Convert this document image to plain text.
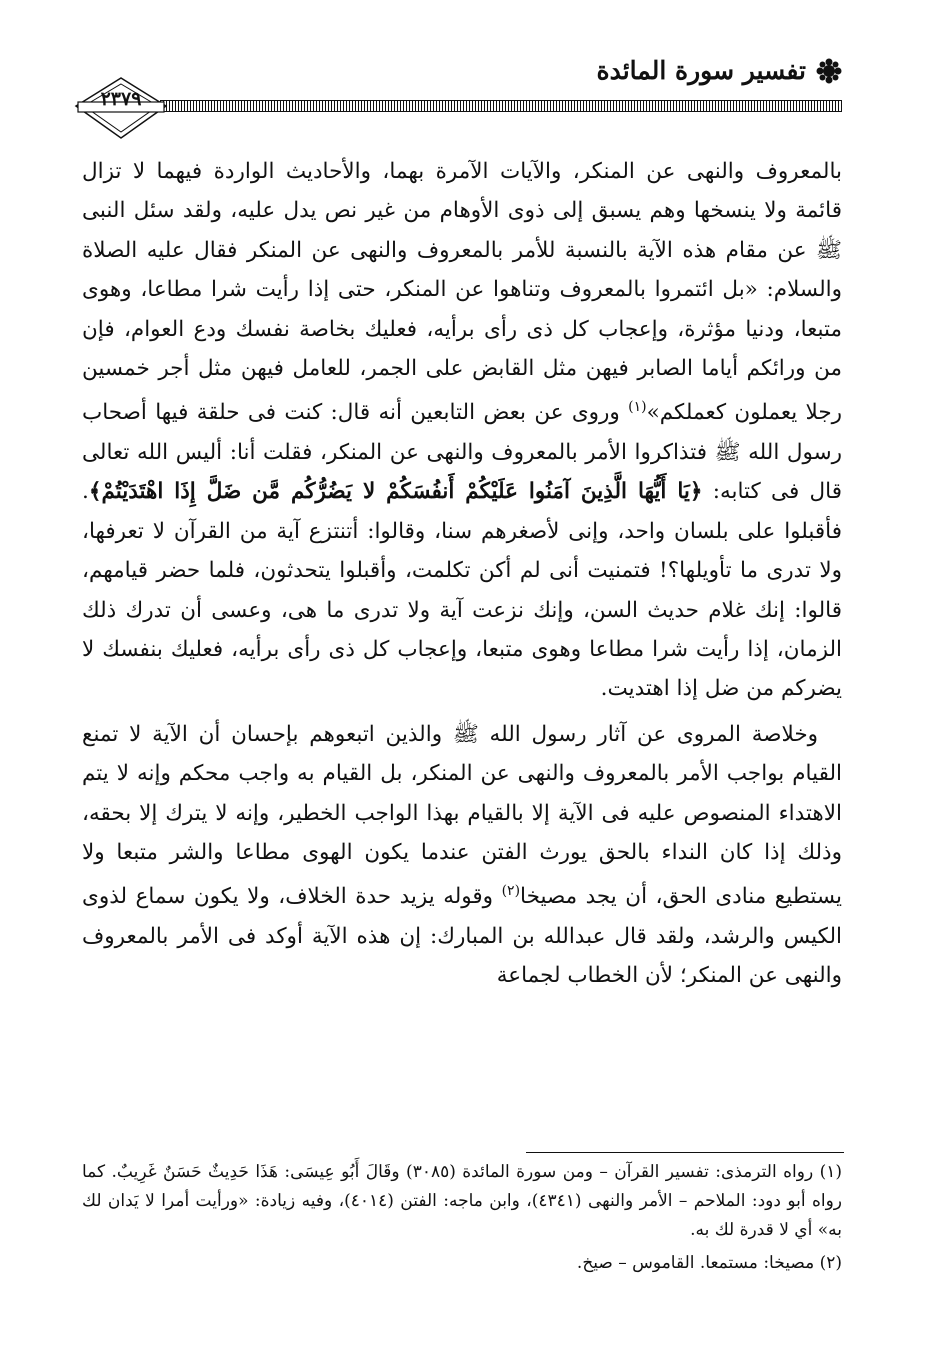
تفسير سورة المائدة
٢٣٧٩

بالمعروف والنهى عن المنكر، والآيات الآمرة بهما، والأحاديث الواردة فيهما لا تزال قائمة ولا ينسخها وهم يسبق إلى ذوى الأوهام من غير نص يدل عليه، ولقد سئل النبى ﷺ عن مقام هذه الآية بالنسبة للأمر بالمعروف والنهى عن المنكر فقال عليه الصلاة والسلام: «بل ائتمروا بالمعروف وتناهوا عن المنكر، حتى إذا رأيت شرا مطاعا، وهوى متبعا، ودنيا مؤثرة، وإعجاب كل ذى رأى برأيه، فعليك بخاصة نفسك ودع العوام، فإن من ورائكم أياما الصابر فيهن مثل القابض على الجمر، للعامل فيهن مثل أجر خمسين رجلا يعملون كعملكم»$^{(١)}$ وروى عن بعض التابعين أنه قال: كنت فى حلقة فيها أصحاب رسول الله ﷺ فتذاكروا الأمر بالمعروف والنهى عن المنكر، فقلت أنا: أليس الله تعالى قال فى كتابه: ﴿يَا أَيُّهَا الَّذِينَ آمَنُوا عَلَيْكُمْ أَنفُسَكُمْ لا يَضُرُّكُم مَّن ضَلَّ إِذَا اهْتَدَيْتُمْ﴾. فأقبلوا على بلسان واحد، وإنى لأصغرهم سنا، وقالوا: أتنتزع آية من القرآن لا تعرفها، ولا تدرى ما تأويلها؟! فتمنيت أنى لم أكن تكلمت، وأقبلوا يتحدثون، فلما حضر قيامهم، قالوا: إنك غلام حديث السن، وإنك نزعت آية ولا تدرى ما هى، وعسى أن تدرك ذلك الزمان، إذا رأيت شرا مطاعا وهوى متبعا، وإعجاب كل ذى رأى برأيه، فعليك بنفسك لا يضركم من ضل إذا اهتديت.

وخلاصة المروى عن آثار رسول الله ﷺ والذين اتبعوهم بإحسان أن الآية لا تمنع القيام بواجب الأمر بالمعروف والنهى عن المنكر، بل القيام به واجب محكم وإنه لا يتم الاهتداء المنصوص عليه فى الآية إلا بالقيام بهذا الواجب الخطير، وإنه لا يترك إلا بحقه، وذلك إذا كان النداء بالحق يورث الفتن عندما يكون الهوى مطاعا والشر متبعا ولا يستطيع منادى الحق، أن يجد مصيخا$^{(٢)}$ وقوله يزيد حدة الخلاف، ولا يكون سماع لذوى الكيس والرشد، ولقد قال عبدالله بن المبارك: إن هذه الآية أوكد فى الأمر بالمعروف والنهى عن المنكر؛ لأن الخطاب لجماعة

(١) رواه الترمذى: تفسير القرآن – ومن سورة المائدة (٣٠٨٥) وقَالَ أَبُو عِيسَى: هَذَا حَدِيثٌ حَسَنٌ غَرِيبٌ. كما رواه أبو دود: الملاحم – الأمر والنهى (٤٣٤١)، وابن ماجه: الفتن (٤٠١٤)، وفيه زيادة: «ورأيت أمرا لا يَدان لك به» أي لا قدرة لك به.

(٢) مصيخا: مستمعا. القاموس – صيخ.
